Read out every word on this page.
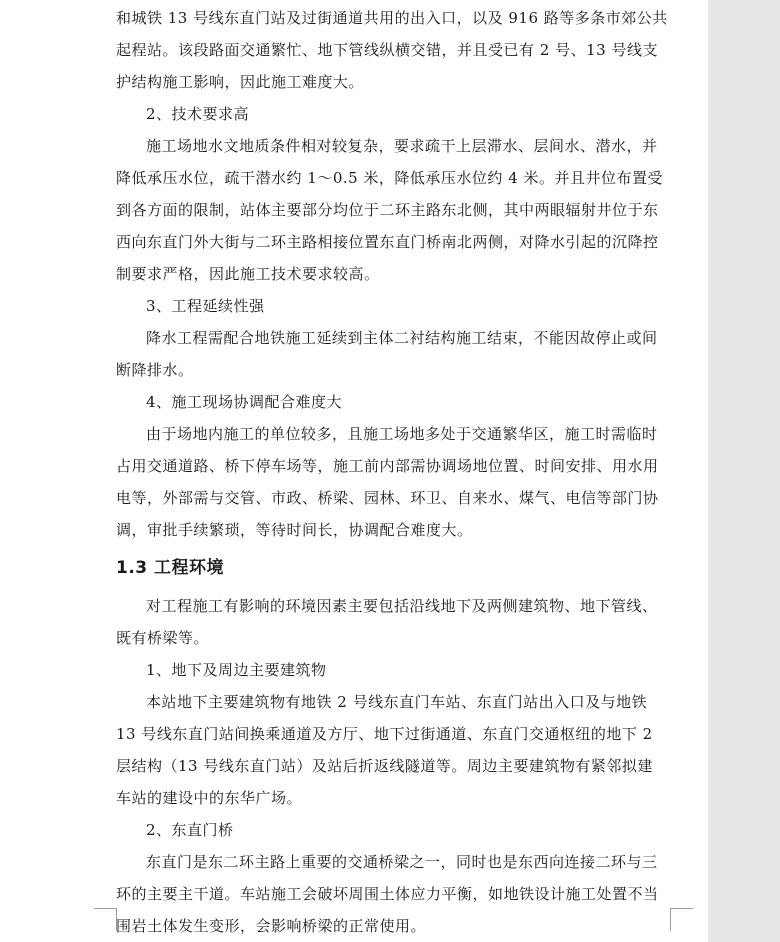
和城铁 13 号线东直门站及过街通道共用的出入口，以及 916 路等多条市郊公共
起程站。该段路面交通繁忙、地下管线纵横交错，并且受已有 2 号、13 号线支
护结构施工影响，因此施工难度大。
2、技术要求高
施工场地水文地质条件相对较复杂，要求疏干上层滞水、层间水、潜水，并
降低承压水位，疏干潜水约 1～0.5 米，降低承压水位约 4 米。并且井位布置受
到各方面的限制，站体主要部分均位于二环主路东北侧，其中两眼辐射井位于东
西向东直门外大街与二环主路相接位置东直门桥南北两侧，对降水引起的沉降控
制要求严格，因此施工技术要求较高。
3、工程延续性强
降水工程需配合地铁施工延续到主体二衬结构施工结束，不能因故停止或间
断降排水。
4、施工现场协调配合难度大
由于场地内施工的单位较多，且施工场地多处于交通繁华区，施工时需临时
占用交通道路、桥下停车场等，施工前内部需协调场地位置、时间安排、用水用
电等，外部需与交管、市政、桥梁、园林、环卫、自来水、煤气、电信等部门协
调，审批手续繁琐，等待时间长，协调配合难度大。
1.3 工程环境
对工程施工有影响的环境因素主要包括沿线地下及两侧建筑物、地下管线、
既有桥梁等。
1、地下及周边主要建筑物
本站地下主要建筑物有地铁 2 号线东直门车站、东直门站出入口及与地铁
13 号线东直门站间换乘通道及方厅、地下过街通道、东直门交通枢纽的地下 2
层结构（13 号线东直门站）及站后折返线隧道等。周边主要建筑物有紧邻拟建
车站的建设中的东华广场。
2、东直门桥
东直门是东二环主路上重要的交通桥梁之一，同时也是东西向连接二环与三
环的主要主干道。车站施工会破坏周围土体应力平衡，如地铁设计施工处置不当
围岩土体发生变形，会影响桥梁的正常使用。
